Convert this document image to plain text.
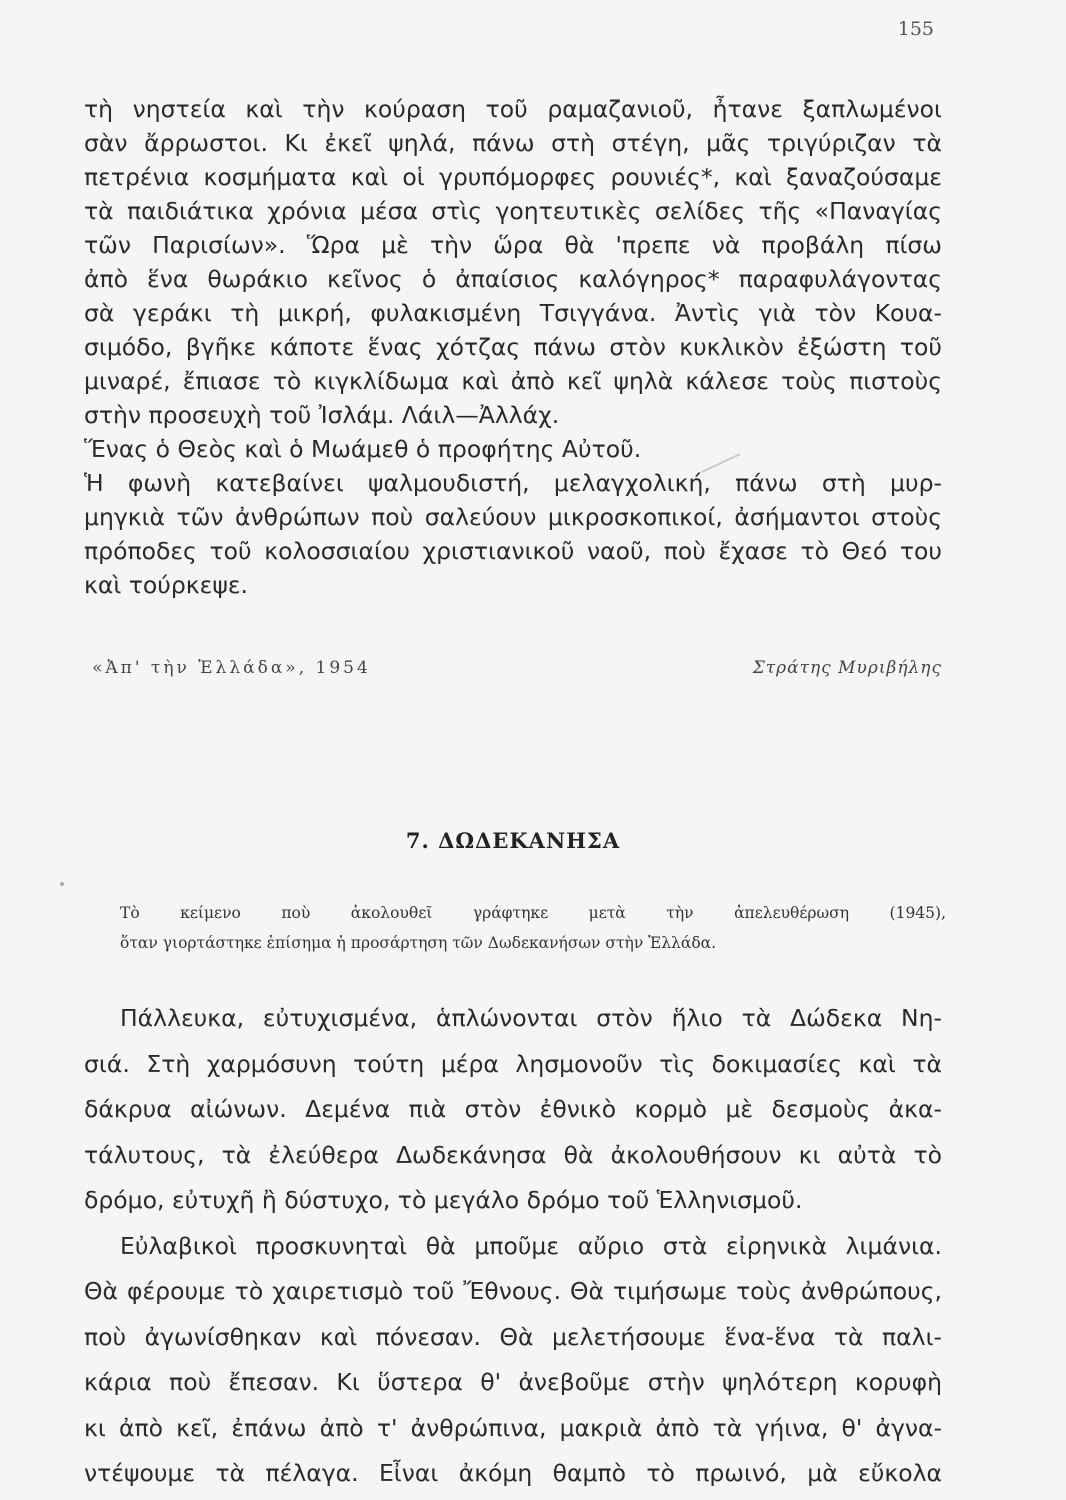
155
τὴ νηστεία καὶ τὴν κούραση τοῦ ραμαζανιοῦ, ἦτανε ξαπλωμένοι
σὰν ἄρρωστοι. Κι ἐκεῖ ψηλά, πάνω στὴ στέγη, μᾶς τριγύριζαν τὰ
πετρένια κοσμήματα καὶ οἱ γρυπόμορφες ρουνιές*, καὶ ξαναζούσαμε
τὰ παιδιάτικα χρόνια μέσα στὶς γοητευτικὲς σελίδες τῆς «Παναγίας
τῶν Παρισίων». Ὥρα μὲ τὴν ὥρα θὰ 'πρεπε νὰ προβάλη πίσω
ἀπὸ ἕνα θωράκιο κεῖνος ὁ ἀπαίσιος καλόγηρος* παραφυλάγοντας
σὰ γεράκι τὴ μικρή, φυλακισμένη Τσιγγάνα. Ἀντὶς γιὰ τὸν Κουα-
σιμόδο, βγῆκε κάποτε ἕνας χότζας πάνω στὸν κυκλικὸν ἐξώστη τοῦ
μιναρέ, ἔπιασε τὸ κιγκλίδωμα καὶ ἀπὸ κεῖ ψηλὰ κάλεσε τοὺς πιστοὺς
στὴν προσευχὴ τοῦ Ἰσλάμ. Λάιλ—Ἀλλάχ.
Ἕνας ὁ Θεὸς καὶ ὁ Μωάμεθ ὁ προφήτης Αὐτοῦ.
Ἡ φωνὴ κατεβαίνει ψαλμουδιστή, μελαγχολική, πάνω στὴ μυρ-
μηγκιὰ τῶν ἀνθρώπων ποὺ σαλεύουν μικροσκοπικοί, ἀσήμαντοι στοὺς
πρόποδες τοῦ κολοσσιαίου χριστιανικοῦ ναοῦ, ποὺ ἔχασε τὸ Θεό του
καὶ τούρκεψε.
«Ἀπ' τὴν Ἑλλάδα», 1954	Στράτης Μυριβήλης
7. ΔΩΔΕΚΑΝΗΣΑ
Τὸ κείμενο ποὺ ἀκολουθεῖ γράφτηκε μετὰ τὴν ἀπελευθέρωση (1945),
ὅταν γιορτάστηκε ἐπίσημα ἡ προσάρτηση τῶν Δωδεκανήσων στὴν Ἑλλάδα.
Πάλλευκα, εὐτυχισμένα, ἁπλώνονται στὸν ἥλιο τὰ Δώδεκα Νη-
σιά. Στὴ χαρμόσυνη τούτη μέρα λησμονοῦν τὶς δοκιμασίες καὶ τὰ
δάκρυα αἰώνων. Δεμένα πιὰ στὸν ἐθνικὸ κορμὸ μὲ δεσμοὺς ἀκα-
τάλυτους, τὰ ἐλεύθερα Δωδεκάνησα θὰ ἀκολουθήσουν κι αὐτὰ τὸ
δρόμο, εὐτυχῆ ἢ δύστυχο, τὸ μεγάλο δρόμο τοῦ Ἑλληνισμοῦ.
Εὐλαβικοὶ προσκυνηταὶ θὰ μποῦμε αὔριο στὰ εἰρηνικὰ λιμάνια.
Θὰ φέρουμε τὸ χαιρετισμὸ τοῦ Ἔθνους. Θὰ τιμήσωμε τοὺς ἀνθρώπους,
ποὺ ἀγωνίσθηκαν καὶ πόνεσαν. Θὰ μελετήσουμε ἕνα-ἕνα τὰ παλι-
κάρια ποὺ ἔπεσαν. Κι ὕστερα θ' ἀνεβοῦμε στὴν ψηλότερη κορυφὴ
κι ἀπὸ κεῖ, ἐπάνω ἀπὸ τ' ἀνθρώπινα, μακριὰ ἀπὸ τὰ γήινα, θ' ἀγνα-
ντέψουμε τὰ πέλαγα. Εἶναι ἀκόμη θαμπὸ τὸ πρωινό, μὰ εὔκολα
